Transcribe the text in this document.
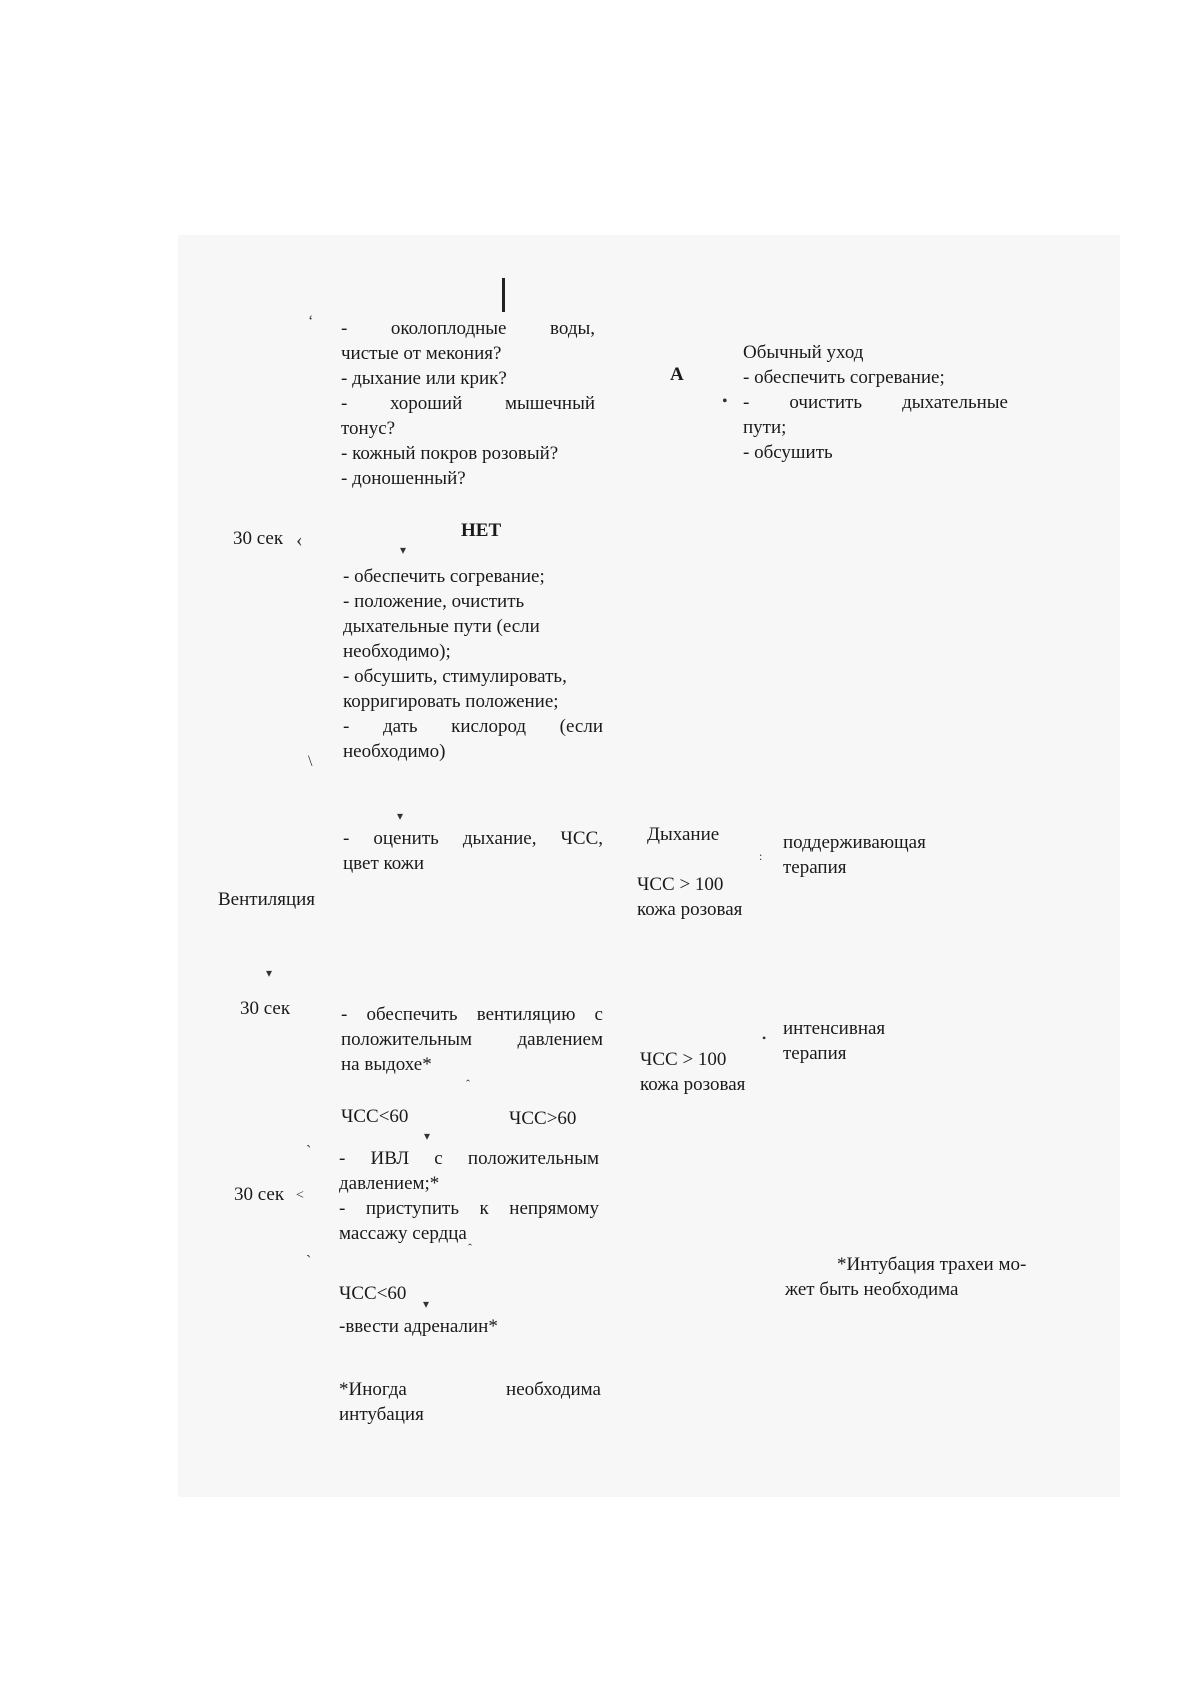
- околоплодные воды,
чистые от мекония?
- дыхание или крик?
- хороший мышечный
тонус?
- кожный покров розовый?
- доношенный?
А
•
Обычный уход
- обеспечить согревание;
- очистить дыхательные
пути;
- обсушить
ʻ
30 сек ‹
\
▾
НЕТ
- обеспечить согревание;
- положение, очистить
дыхательные пути (если
необходимо);
- обсушить, стимулировать,
корригировать положение;
- дать кислород (если
необходимо)
▾
- оценить дыхание, ЧСС,
цвет кожи
Вентиляция
Дыхание
ЧСС > 100
кожа розовая
:
поддерживающая
терапия
▾
30 сек	- обеспечить вентиляцию с
положительным давлением
на выдохе*	ЧСС > 100
кожа розовая
• интенсивная
терапия
ˆ
ЧСС<60	ЧСС>60
▾
ˏ
30 сек <
ˎ
- ИВЛ с положительным
давлением;*
- приступить к непрямому
массажу сердца
ˆ
ЧСС<60 ▾
-ввести адреналин*
*Иногда необходима
интубация
*Интубация трахеи мо-
жет быть необходима
